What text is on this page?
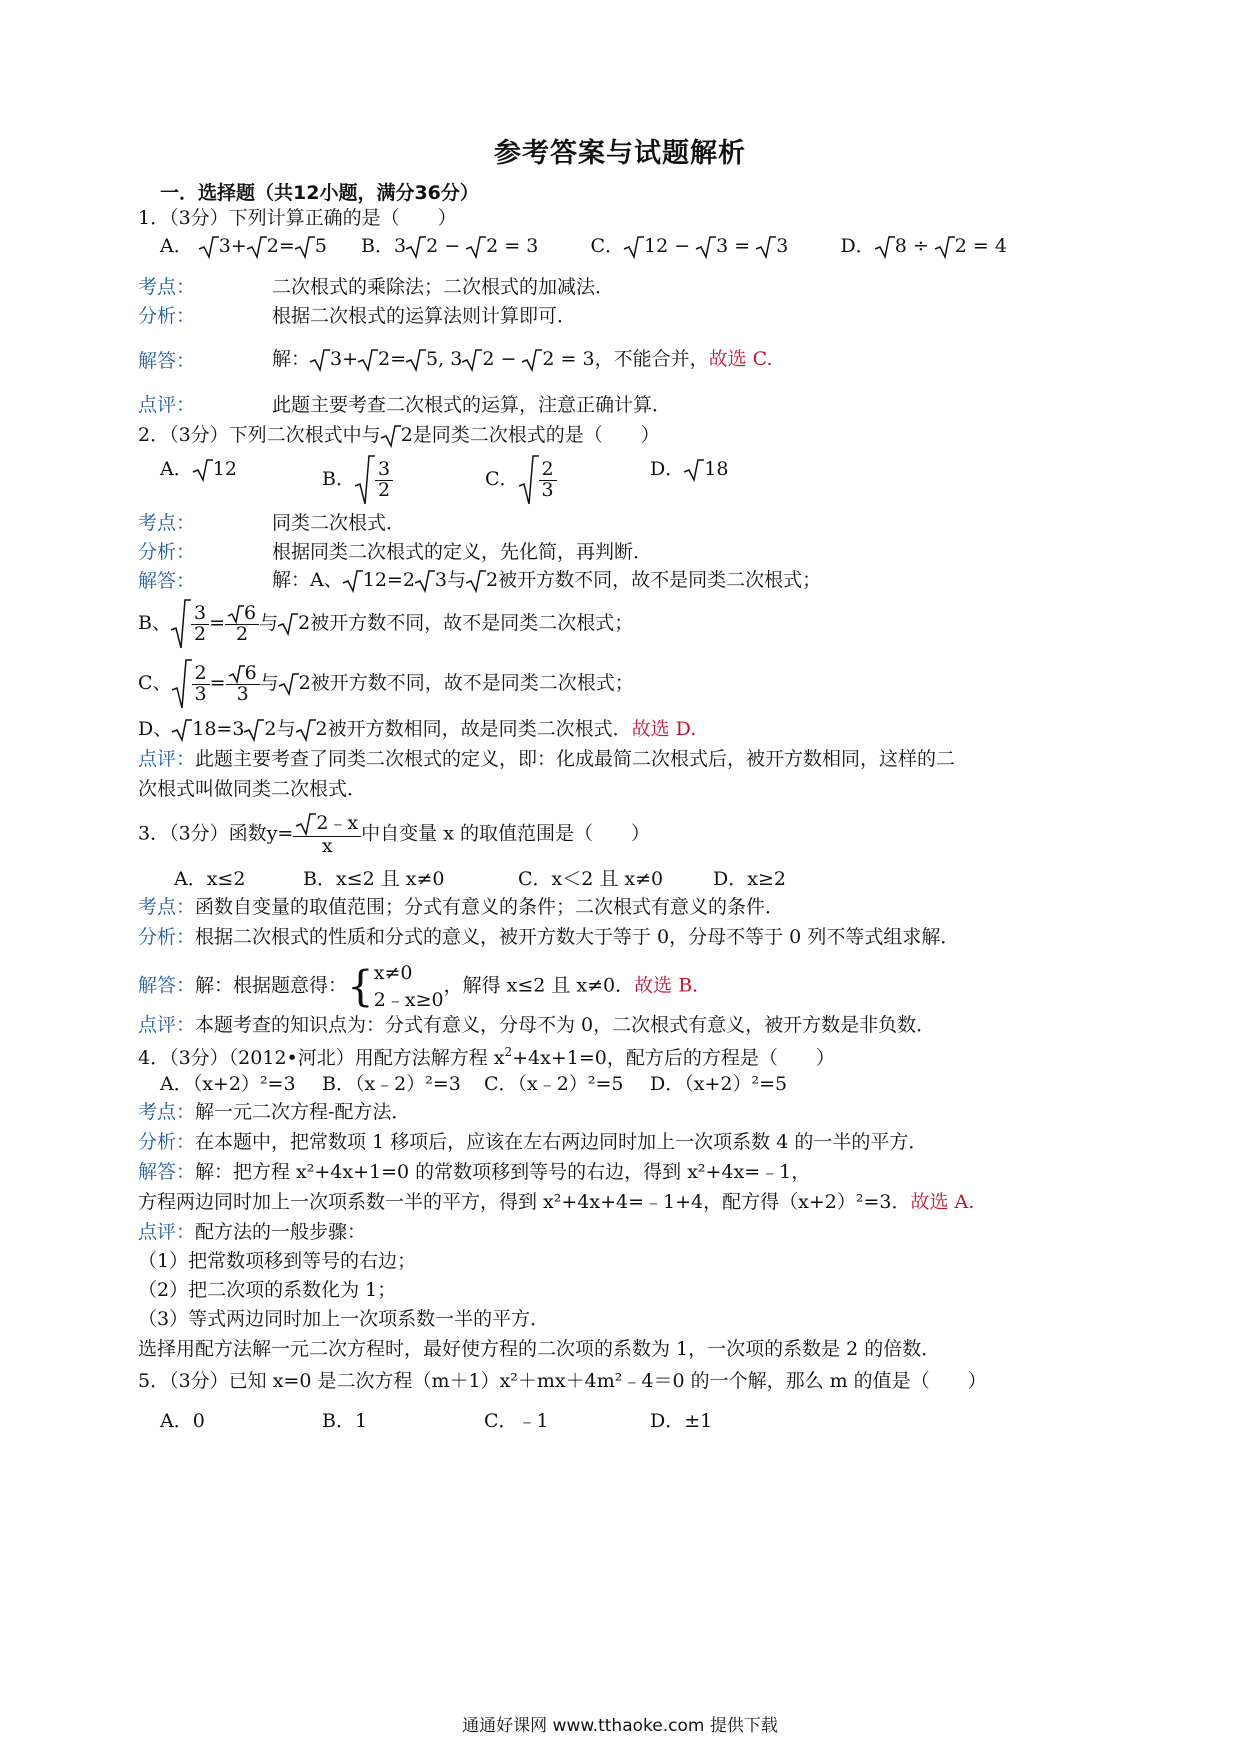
参考答案与试题解析
一．选择题（共12小题，满分36分）
1．（3分）下列计算正确的是（　　）
A． 3+ 2= 5 B．3 2 − 2 = 3	C． 12 − 3 = 3	D． 8 ÷ 2 = 4
考点：	二次根式的乘除法；二次根式的加减法．
分析：	根据二次根式的运算法则计算即可．
解答：	解： 3+ 2= 5, 3 2 − 2 = 3，不能合并，故选 C.
点评：	此题主要考查二次根式的运算，注意正确计算．
2．（3分）下列二次根式中与 2是同类二次根式的是（　　）
A． 12	B． $\frac{3}{2}$	C． $\frac{2}{3}$	D． 18
考点：	同类二次根式．
分析：	根据同类二次根式的定义，先化简，再判断．
解答：	解：A、 12=2 3与 2被开方数不同，故不是同类二次根式；
B、 $\frac{3}{2} = \frac{6}{2}$ 与 2被开方数不同，故不是同类二次根式；
C、 $\frac{2}{3} = \frac{6}{3}$ 与 2被开方数不同，故不是同类二次根式；
D、 18=3 2与 2被开方数相同，故是同类二次根式．故选 D.
点评：此题主要考查了同类二次根式的定义，即：化成最简二次根式后，被开方数相同，这样的二
次根式叫做同类二次根式．
3．（3分）函数$y= \frac{2﹣x}{x}$ 中自变量 x 的取值范围是（　　）
A．x≤2	B．x≤2 且 x≠0	C．x＜2 且 x≠0	D．x≥2
考点：函数自变量的取值范围；分式有意义的条件；二次根式有意义的条件．
分析：根据二次根式的性质和分式的意义，被开方数大于等于 0，分母不等于 0 列不等式组求解．
解答：解：根据题意得：{ x≠0
2﹣x≥0
，解得 x≤2 且 x≠0．故选 B.
点评：本题考查的知识点为：分式有意义，分母不为 0，二次根式有意义，被开方数是非负数．
4．（3分）（2012•河北）用配方法解方程 $x^2+4x+1=0$，配方后的方程是（　　）
A．（x+2）²=3 B．（x﹣2）²=3 C．（x﹣2）²=5 D．（x+2）²=5
考点：解一元二次方程-配方法．
分析：在本题中，把常数项 1 移项后，应该在左右两边同时加上一次项系数 4 的一半的平方．
解答：解：把方程 x²+4x+1=0 的常数项移到等号的右边，得到 x²+4x=﹣1，
方程两边同时加上一次项系数一半的平方，得到 x²+4x+4=﹣1+4，配方得（x+2）²=3．故选 A.
点评：配方法的一般步骤：
（1）把常数项移到等号的右边；
（2）把二次项的系数化为 1；
（3）等式两边同时加上一次项系数一半的平方．
选择用配方法解一元二次方程时，最好使方程的二次项的系数为 1，一次项的系数是 2 的倍数．
5．（3分）已知 x=0 是二次方程（m＋1）x²＋mx＋4m²﹣4＝0 的一个解，那么 m 的值是（　　）
A．0	B．1	C．﹣1	D．±1
通通好课网 www.tthaoke.com 提供下载
